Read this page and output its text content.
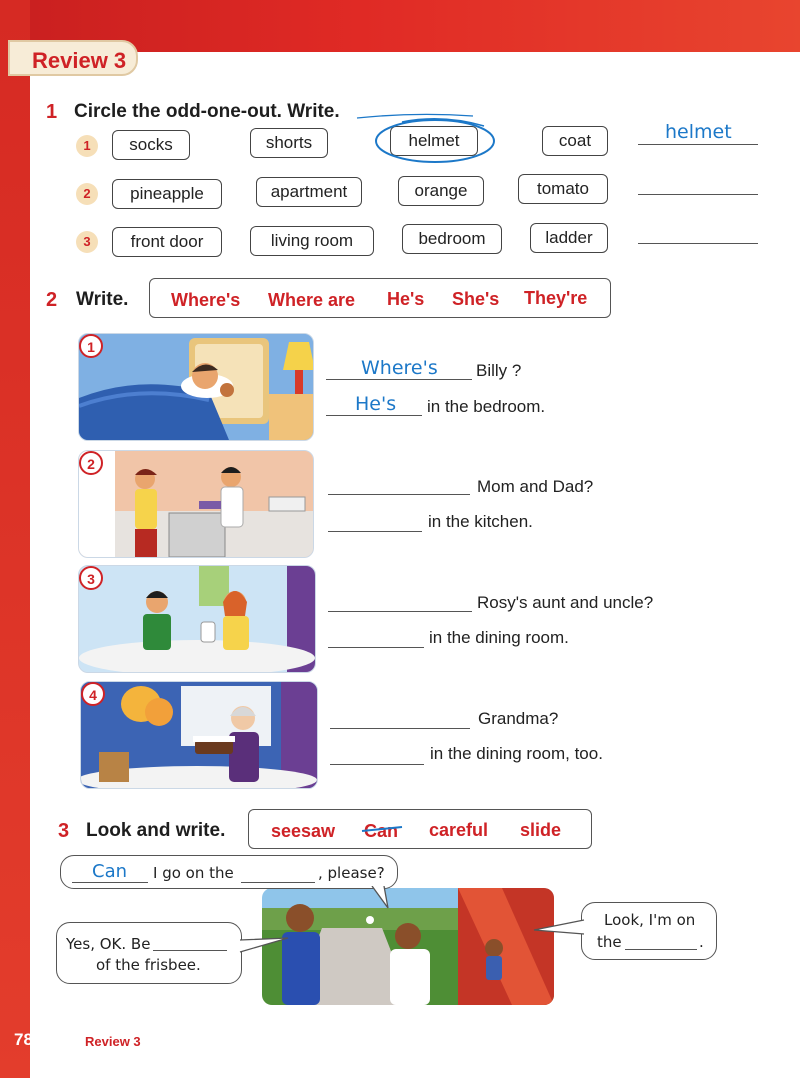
Review 3
1 Circle the odd-one-out. Write.
1	socks	shorts	helmet	coat	helmet
2	pineapple	apartment	orange	tomato
3	front door	living room	bedroom	ladder
2 Write. Where's Where are He's She's They're
1
Where's Billy ?
He's in the bedroom.
2
Mom and Dad?
in the kitchen.
3
Rosy's aunt and uncle?
in the dining room.
4
Grandma?
in the dining room, too.
3 Look and write.	seesaw Can careful slide
Can I go on the	, please?
Yes, OK. Be
of the frisbee.
Look, I'm on
the	.
78	Review 3
